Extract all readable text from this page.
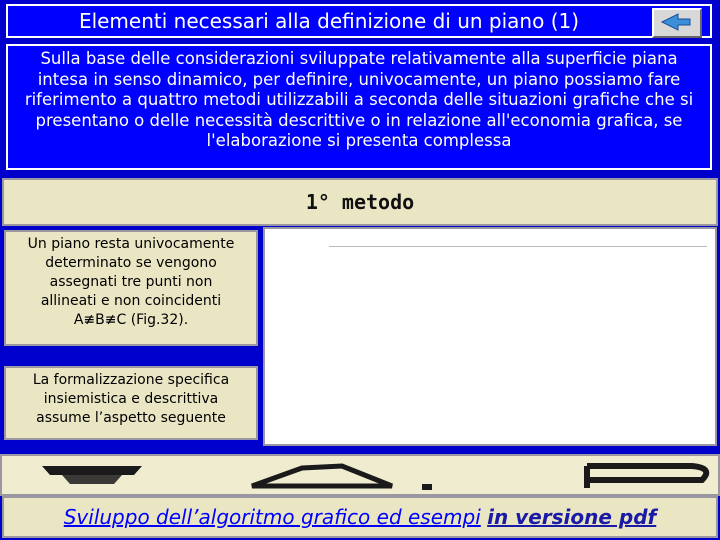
Elementi necessari alla definizione di un piano (1)
Sulla base delle considerazioni sviluppate relativamente alla superficie piana intesa in senso dinamico, per definire, univocamente, un piano possiamo fare riferimento a quattro metodi utilizzabili a seconda delle situazioni grafiche che si presentano o delle necessità descrittive o in relazione all'economia grafica, se l'elaborazione si presenta complessa
1° metodo
Un piano resta univocamente
determinato se vengono
assegnati tre punti non
allineati e non coincidenti
A≢B≢C (Fig.32).
La formalizzazione specifica
insiemistica e descrittiva
assume l’aspetto seguente
Sviluppo dell’algoritmo grafico ed esempi in versione pdf
